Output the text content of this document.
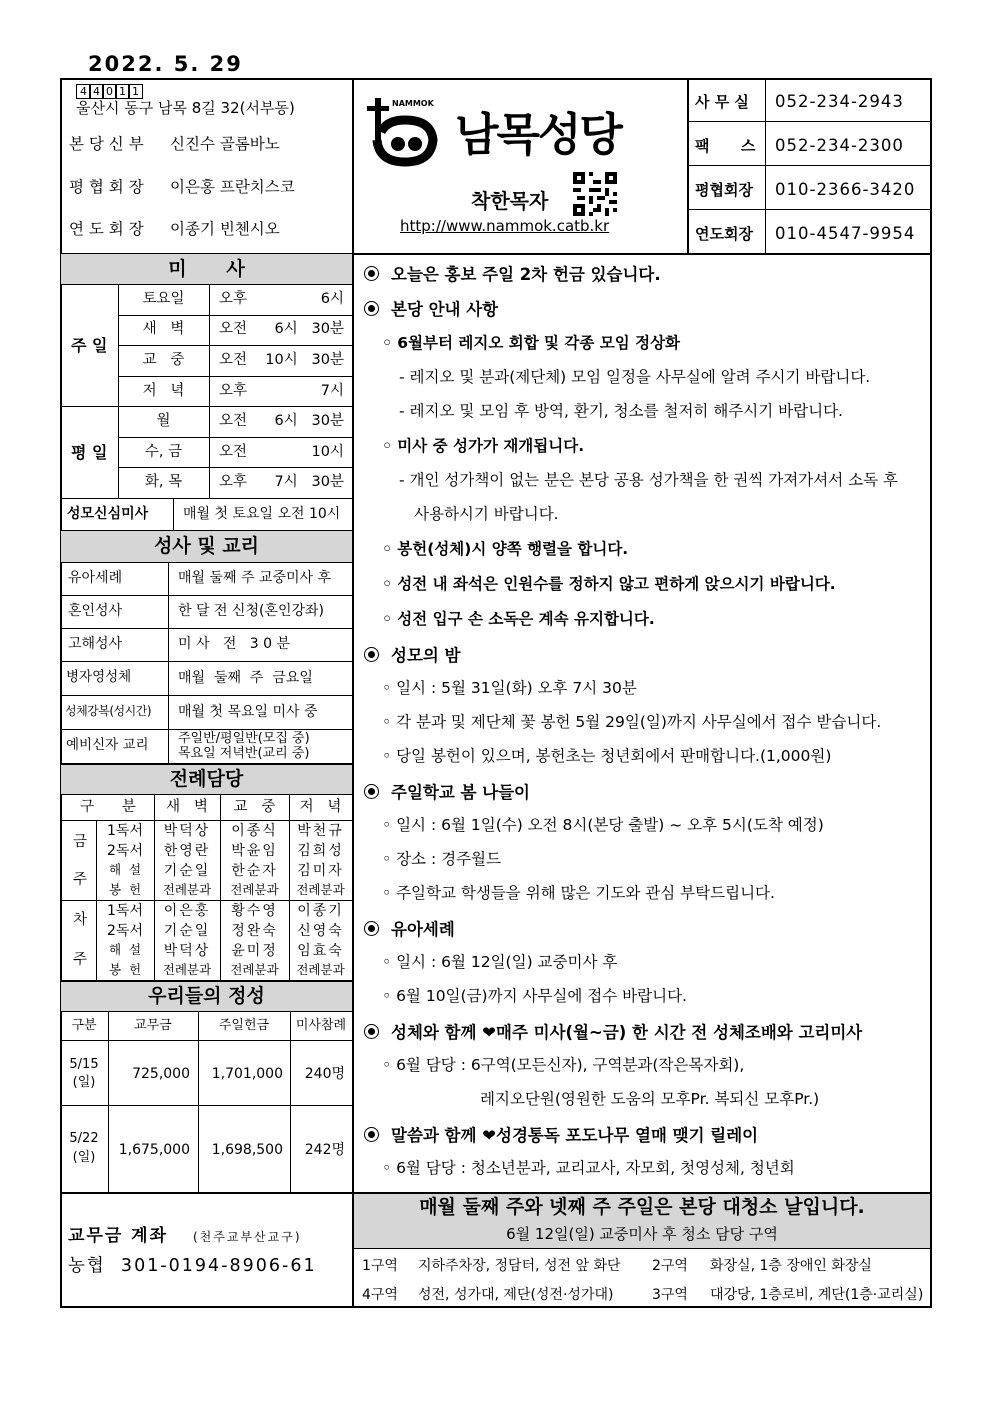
2022. 5. 29
4 4 0 1 1
울산시 동구 남목 8길 32(서부동)
본 당 신 부 신진수 골롬바노
평 협 회 장 이은홍 프란치스코
연 도 회 장 이종기 빈첸시오
NAMMOK
남목성당
착한목자
http://www.nammok.catb.kr
사 무 실 052-234-2943
팩      스 052-234-2300
평협회장 010-2366-3420
연도회장 010-4547-9954
미      사
주 일
평 일
토요일	오후	6시
새   벽	오전	6시   30분
교   중	오전	10시   30분
저   녁	오후	7시
월	오전	6시   30분
수, 금	오전	10시
화, 목	오후	7시   30분
성모신심미사 매월 첫 토요일 오전 10시
성사 및 교리
유아세례	매월 둘째 주 교중미사 후
혼인성사	한 달 전 신청(혼인강좌)
고해성사	미 사   전   3 0 분
병자영성체	매월  둘째  주  금요일
성체강복(성시간) 매월 첫 목요일 미사 중
예비신자 교리 주일반/평일반(모집 중)
목요일 저녁반(교리 중)
전례담당
구      분	새   벽	교   중	저   녁
금
주
차
주
1독서	박덕상	이종식	박천규
2독서	한영란	박윤임	김희성
해  설	기순일	한순자	김미자
봉  헌	전례분과	전례분과	전례분과
1독서	이은홍	황수영	이종기
2독서	기순일	정완숙	신영숙
해  설	박덕상	윤미정	임효숙
봉  헌	전례분과	전례분과	전례분과
우리들의 정성
구분	교무금	주일헌금	미사참례
5/15
(일)
725,000	1,701,000	240명
5/22
(일)	1,675,000	1,698,500	242명
교무금 계좌 (천주교부산교구)
농협  301-0194-8906-61
오늘은 홍보 주일 2차 헌금 있습니다.
본당 안내 사항
◦ 6월부터 레지오 회합 및 각종 모임 정상화
- 레지오 및 분과(제단체) 모임 일정을 사무실에 알려 주시기 바랍니다.
- 레지오 및 모임 후 방역, 환기, 청소를 철저히 해주시기 바랍니다.
◦ 미사 중 성가가 재개됩니다.
- 개인 성가책이 없는 분은 본당 공용 성가책을 한 권씩 가져가셔서 소독 후
사용하시기 바랍니다.
◦ 봉헌(성체)시 양쪽 행렬을 합니다.
◦ 성전 내 좌석은 인원수를 정하지 않고 편하게 앉으시기 바랍니다.
◦ 성전 입구 손 소독은 계속 유지합니다.
성모의 밤
◦ 일시 : 5월 31일(화) 오후 7시 30분
◦ 각 분과 및 제단체 꽃 봉헌 5월 29일(일)까지 사무실에서 접수 받습니다.
◦ 당일 봉헌이 있으며, 봉헌초는 청년회에서 판매합니다.(1,000원)
주일학교 봄 나들이
◦ 일시 : 6월 1일(수) 오전 8시(본당 출발) ~ 오후 5시(도착 예정)
◦ 장소 : 경주월드
◦ 주일학교 학생들을 위해 많은 기도와 관심 부탁드립니다.
유아세례
◦ 일시 : 6월 12일(일) 교중미사 후
◦ 6월 10일(금)까지 사무실에 접수 바랍니다.
성체와 함께 ❤매주 미사(월~금) 한 시간 전 성체조배와 고리미사
◦ 6월 담당 : 6구역(모든신자), 구역분과(작은목자회),
레지오단원(영원한 도움의 모후Pr. 복되신 모후Pr.)
말씀과 함께 ❤성경통독 포도나무 열매 맺기 릴레이
◦ 6월 담당 : 청소년분과, 교리교사, 자모회, 첫영성체, 청년회
매월 둘째 주와 넷째 주 주일은 본당 대청소 날입니다.
6월 12일(일) 교중미사 후 청소 담당 구역
1구역 지하주차장, 정담터, 성전 앞 화단 2구역 화장실, 1층 장애인 화장실
4구역 성전, 성가대, 제단(성전·성가대)	3구역 대강당, 1층로비, 계단(1층·교리실)
